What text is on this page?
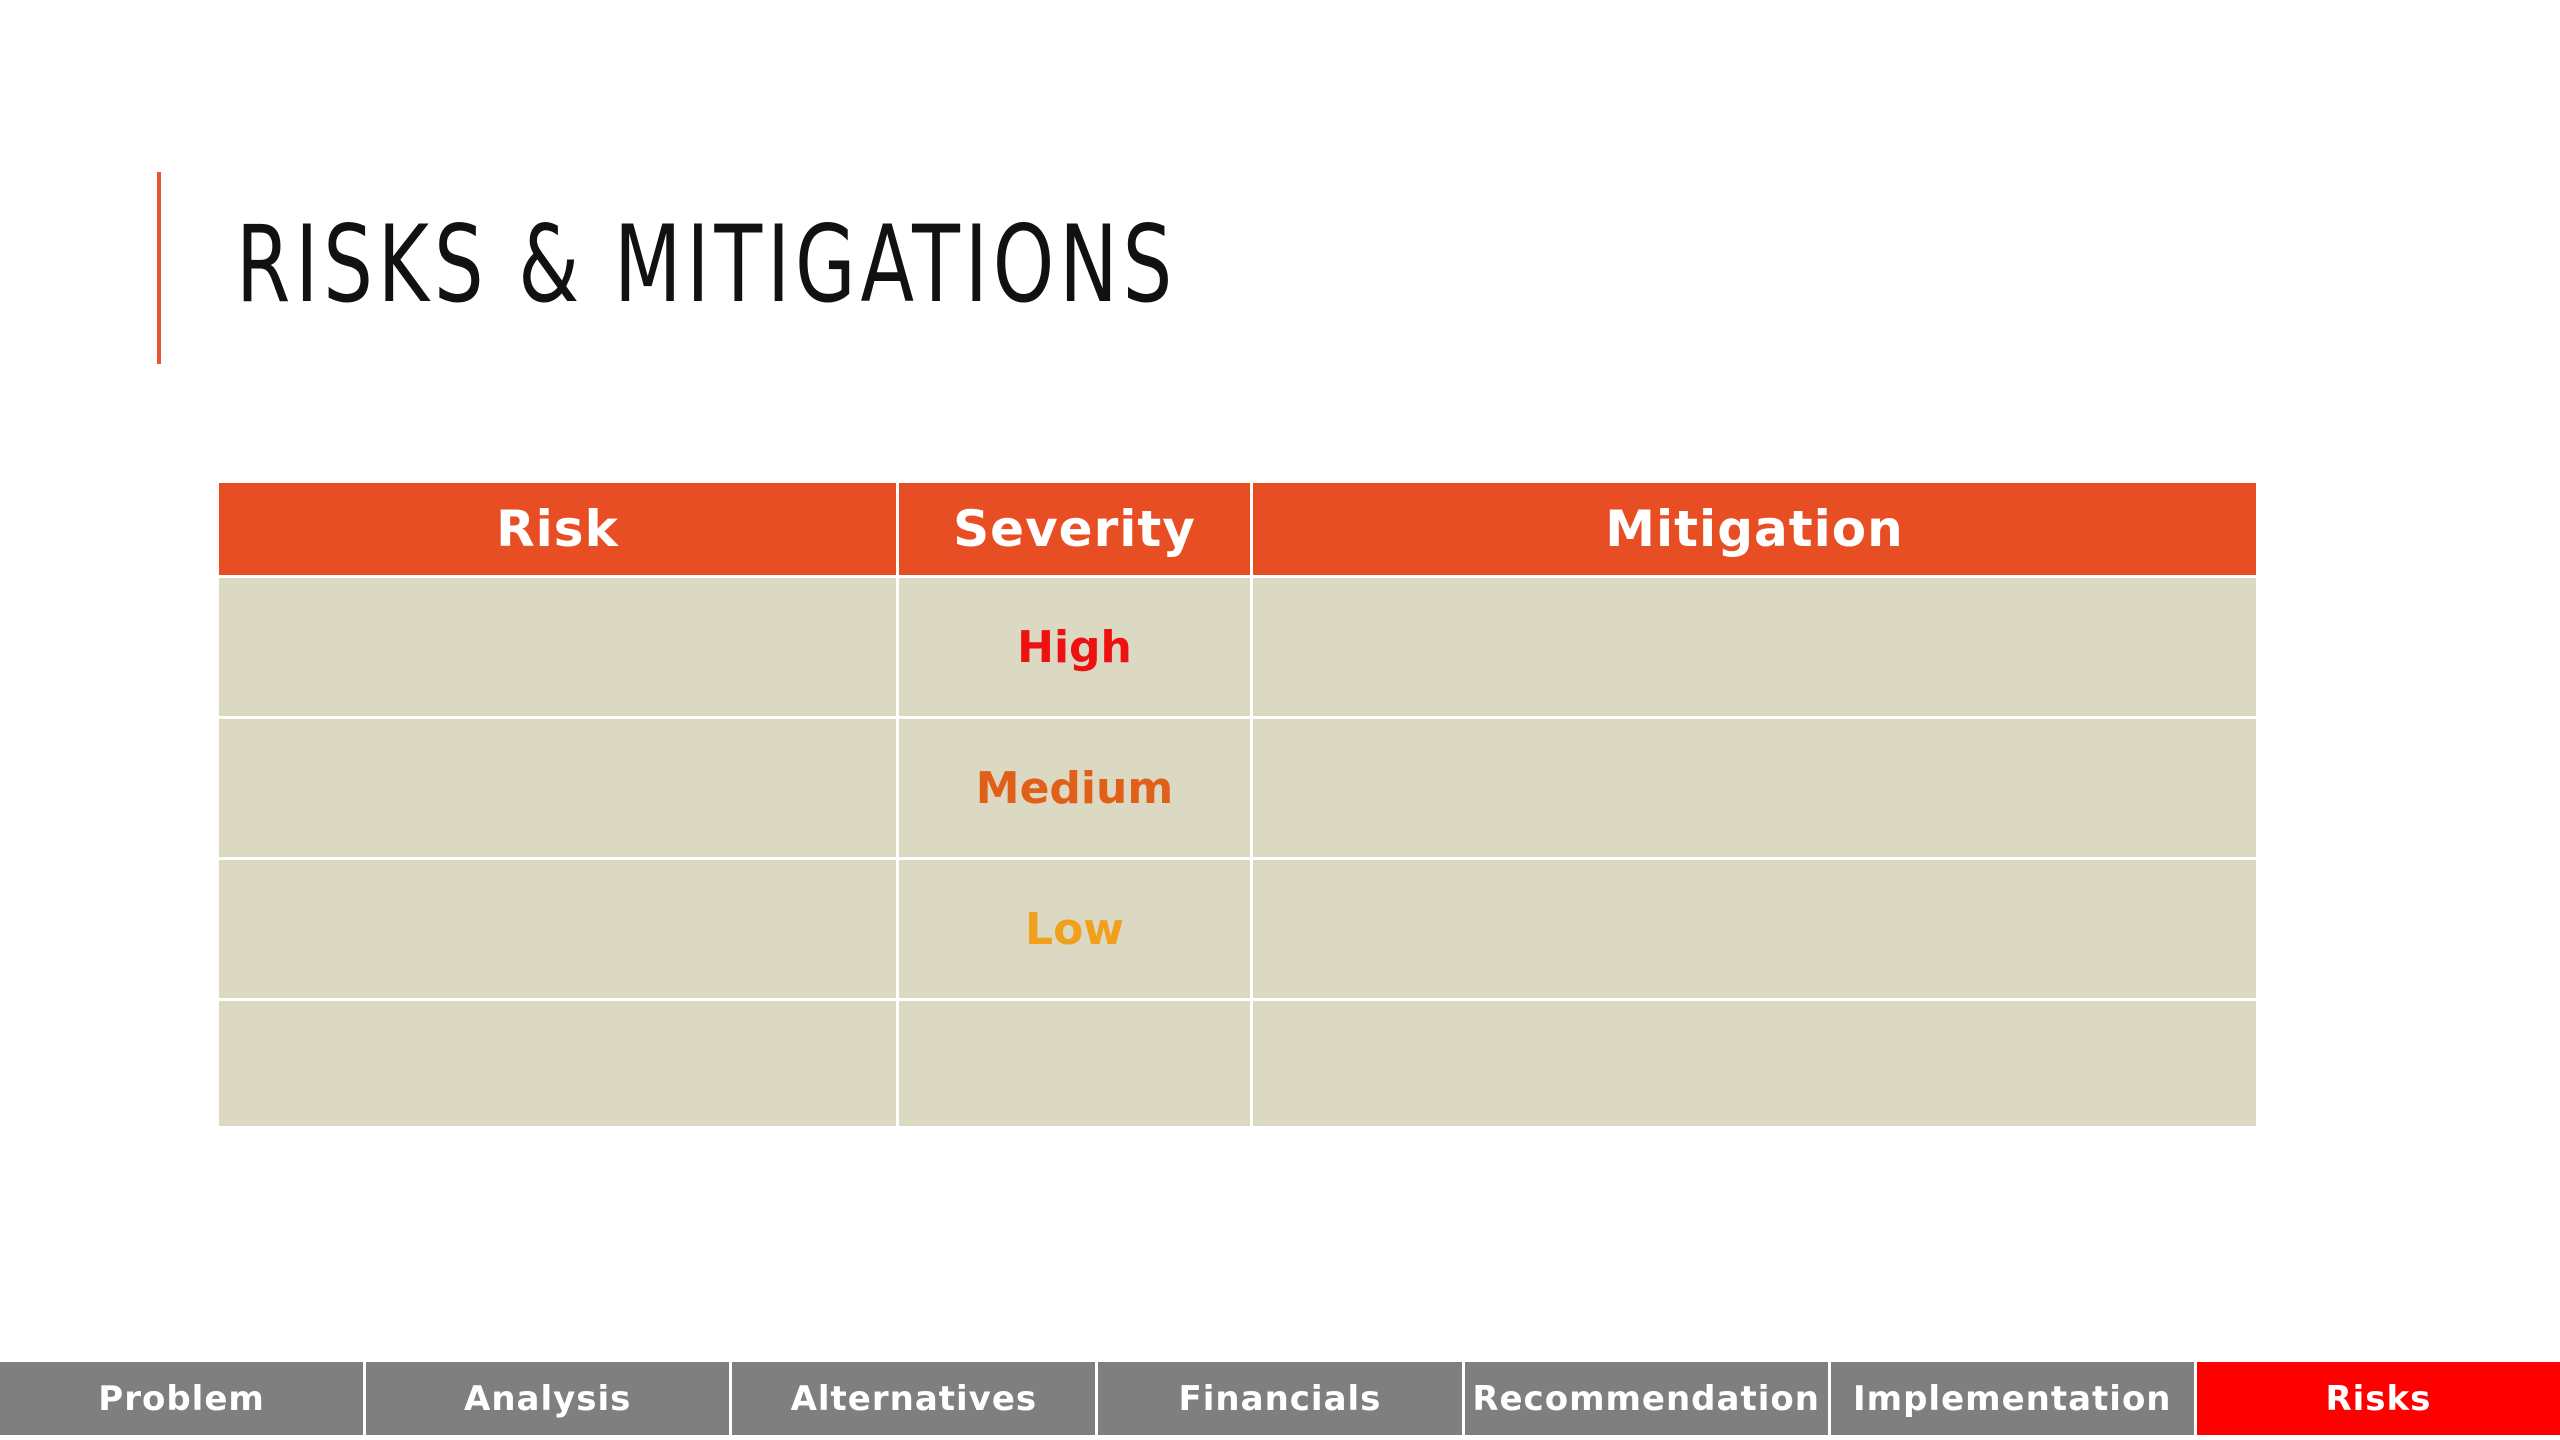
RISKS & MITIGATIONS
Risk	Severity	Mitigation
	High	
	Medium	
	Low	

Problem	Analysis	Alternatives	Financials	Recommendation Implementation	Risks
